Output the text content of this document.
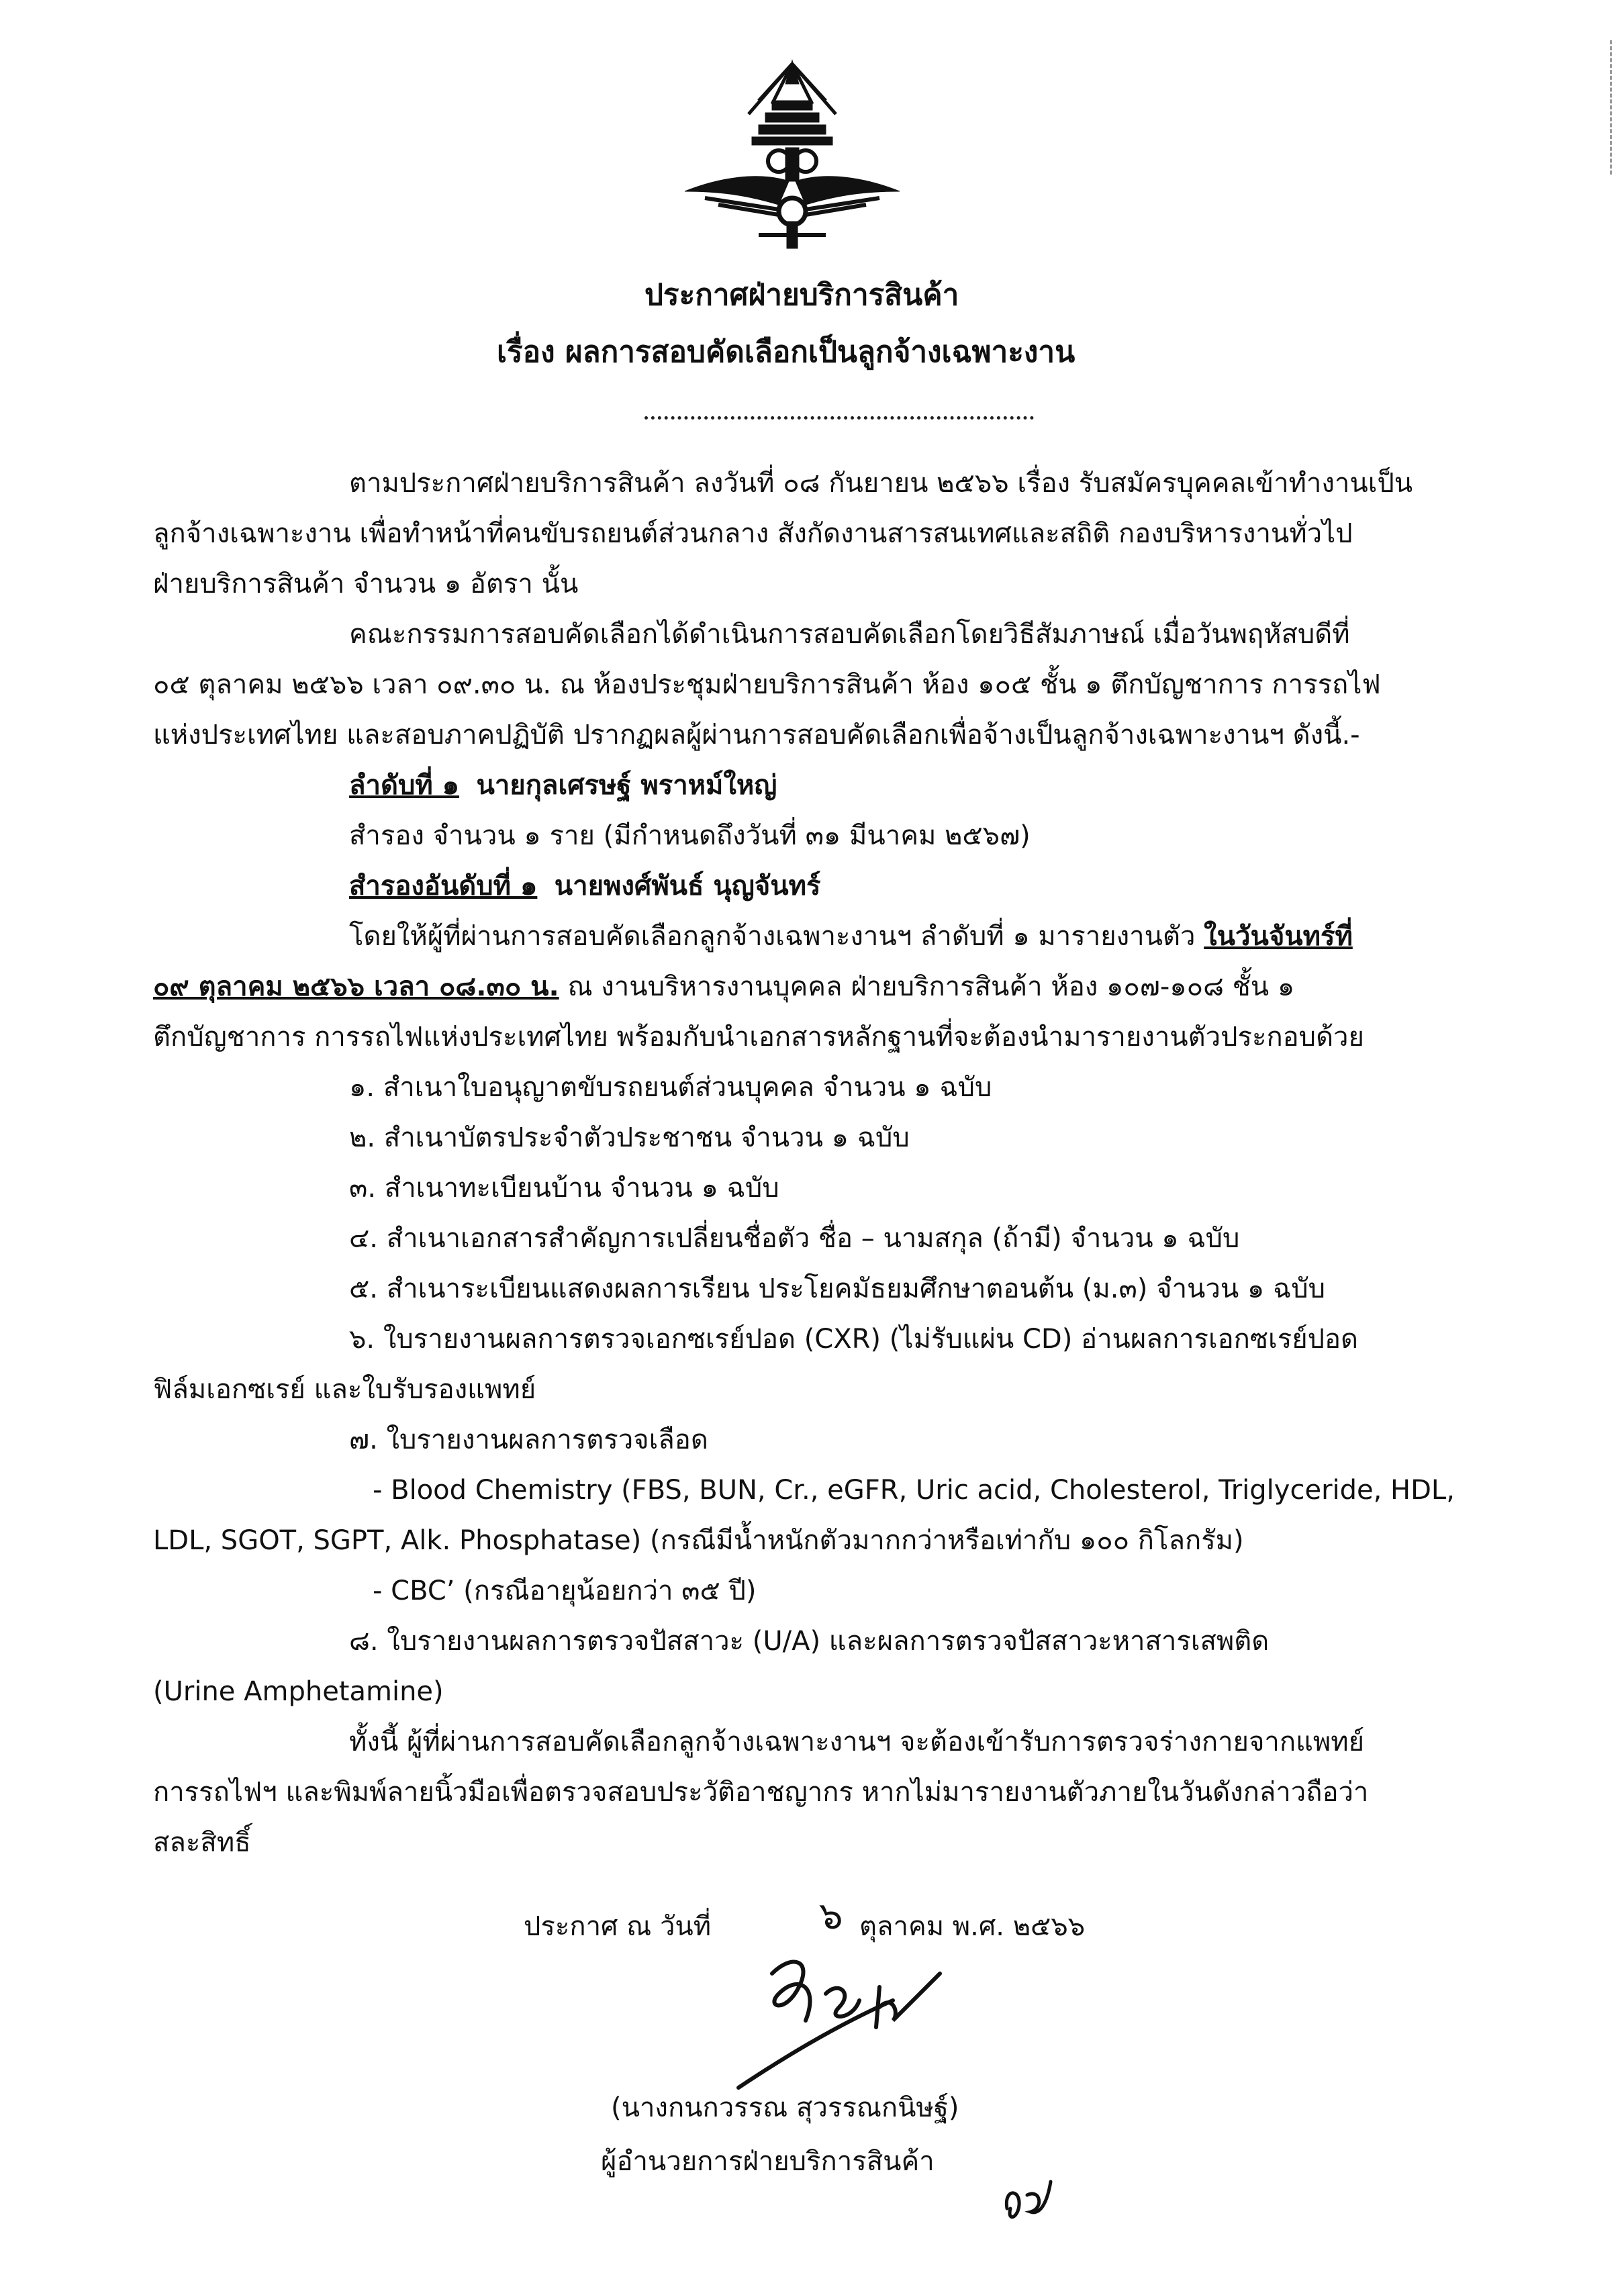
ประกาศฝ่ายบริการสินค้า
เรื่อง ผลการสอบคัดเลือกเป็นลูกจ้างเฉพาะงาน
ตามประกาศฝ่ายบริการสินค้า ลงวันที่ ๐๘ กันยายน ๒๕๖๖ เรื่อง รับสมัครบุคคลเข้าทำงานเป็น
ลูกจ้างเฉพาะงาน เพื่อทำหน้าที่คนขับรถยนต์ส่วนกลาง สังกัดงานสารสนเทศและสถิติ กองบริหารงานทั่วไป
ฝ่ายบริการสินค้า จำนวน ๑ อัตรา นั้น
คณะกรรมการสอบคัดเลือกได้ดำเนินการสอบคัดเลือกโดยวิธีสัมภาษณ์ เมื่อวันพฤหัสบดีที่
๐๕ ตุลาคม ๒๕๖๖ เวลา ๐๙.๓๐ น. ณ ห้องประชุมฝ่ายบริการสินค้า ห้อง ๑๐๕ ชั้น ๑ ตึกบัญชาการ การรถไฟ
แห่งประเทศไทย และสอบภาคปฏิบัติ ปรากฏผลผู้ผ่านการสอบคัดเลือกเพื่อจ้างเป็นลูกจ้างเฉพาะงานฯ ดังนี้.-
ลำดับที่ ๑ นายกุลเศรษฐ์ พราหม์ใหญ่
สำรอง จำนวน ๑ ราย (มีกำหนดถึงวันที่ ๓๑ มีนาคม ๒๕๖๗)
สำรองอันดับที่ ๑ นายพงศ์พันธ์ นุญจันทร์
โดยให้ผู้ที่ผ่านการสอบคัดเลือกลูกจ้างเฉพาะงานฯ ลำดับที่ ๑ มารายงานตัว ในวันจันทร์ที่
๐๙ ตุลาคม ๒๕๖๖ เวลา ๐๘.๓๐ น. ณ งานบริหารงานบุคคล ฝ่ายบริการสินค้า ห้อง ๑๐๗-๑๐๘ ชั้น ๑
ตึกบัญชาการ การรถไฟแห่งประเทศไทย พร้อมกับนำเอกสารหลักฐานที่จะต้องนำมารายงานตัวประกอบด้วย
๑. สำเนาใบอนุญาตขับรถยนต์ส่วนบุคคล จำนวน ๑ ฉบับ
๒. สำเนาบัตรประจำตัวประชาชน จำนวน ๑ ฉบับ
๓. สำเนาทะเบียนบ้าน จำนวน ๑ ฉบับ
๔. สำเนาเอกสารสำคัญการเปลี่ยนชื่อตัว ชื่อ – นามสกุล (ถ้ามี) จำนวน ๑ ฉบับ
๕. สำเนาระเบียนแสดงผลการเรียน ประโยคมัธยมศึกษาตอนต้น (ม.๓) จำนวน ๑ ฉบับ
๖. ใบรายงานผลการตรวจเอกซเรย์ปอด (CXR) (ไม่รับแผ่น CD) อ่านผลการเอกซเรย์ปอด
ฟิล์มเอกซเรย์ และใบรับรองแพทย์
๗. ใบรายงานผลการตรวจเลือด
- Blood Chemistry (FBS, BUN, Cr., eGFR, Uric acid, Cholesterol, Triglyceride, HDL,
LDL, SGOT, SGPT, Alk. Phosphatase) (กรณีมีน้ำหนักตัวมากกว่าหรือเท่ากับ ๑๐๐ กิโลกรัม)
- CBC’ (กรณีอายุน้อยกว่า ๓๕ ปี)
๘. ใบรายงานผลการตรวจปัสสาวะ (U/A) และผลการตรวจปัสสาวะหาสารเสพติด
(Urine Amphetamine)
ทั้งนี้ ผู้ที่ผ่านการสอบคัดเลือกลูกจ้างเฉพาะงานฯ จะต้องเข้ารับการตรวจร่างกายจากแพทย์
การรถไฟฯ และพิมพ์ลายนิ้วมือเพื่อตรวจสอบประวัติอาชญากร หากไม่มารายงานตัวภายในวันดังกล่าวถือว่า
สละสิทธิ์
ประกาศ ณ วันที่	๖ ตุลาคม พ.ศ. ๒๕๖๖
(นางกนกวรรณ สุวรรณกนิษฐ์)
ผู้อำนวยการฝ่ายบริการสินค้า
